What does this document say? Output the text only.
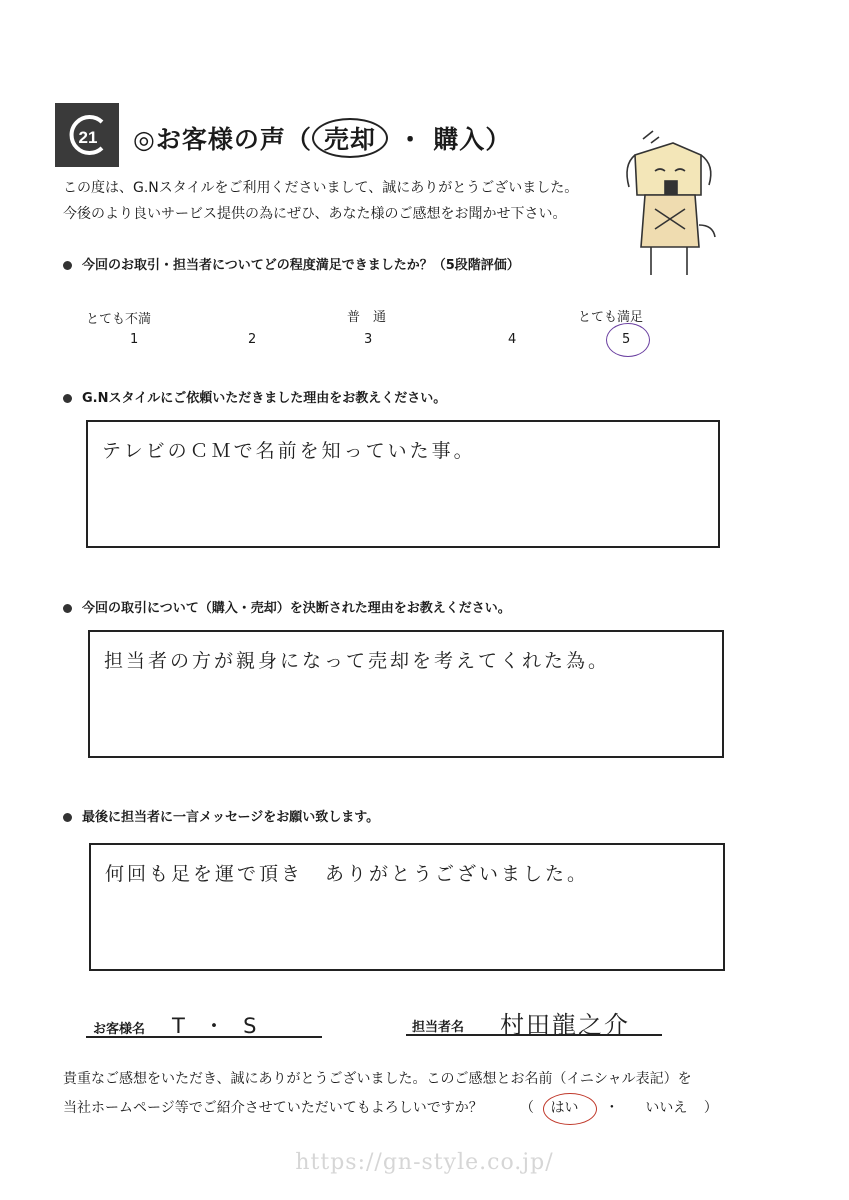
21 ◎お客様の声（ 売却 ・ 購入）
この度は、G.Nスタイルをご利用くださいまして、誠にありがとうございました。
今後のより良いサービス提供の為にぜひ、あなた様のご感想をお聞かせ下さい。
今回のお取引・担当者についてどの程度満足できましたか？（5段階評価）
とても不満	普　通	とても満足
1	2	3	4	5
G.Nスタイルにご依頼いただきました理由をお教えください。
テレビのＣＭで名前を知っていた事。
今回の取引について（購入・売却）を決断された理由をお教えください。
担当者の方が親身になって売却を考えてくれた為。
最後に担当者に一言メッセージをお願い致します。
何回も足を運で頂き　ありがとうございました。
お客様名 T ・ S	担当者名 村田龍之介
貴重なご感想をいただき、誠にありがとうございました。このご感想とお名前（イニシャル表記）を
当社ホームページ等でご紹介させていただいてもよろしいですか？	（ はい ・ いいえ ）
https://gn-style.co.jp/
